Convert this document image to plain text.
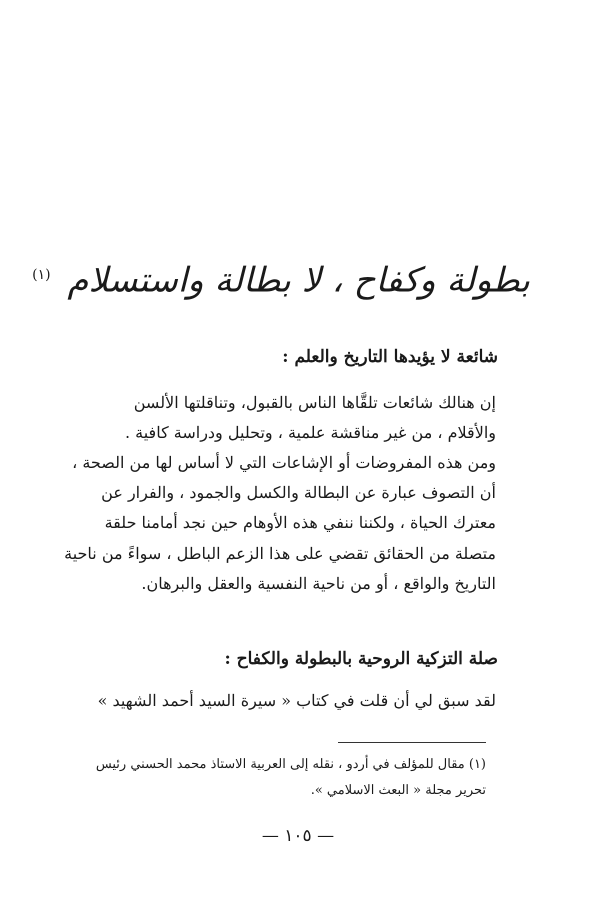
بطولة وكفاح ، لا بطالة واستسلام $^{(١)}$
شائعة لا يؤيدها التاريخ والعلم :

إن هنالك شائعات تلقَّاها الناس بالقبول، وتناقلتها الألسن
والأقلام ، من غير مناقشة علمية ، وتحليل ودراسة كافية .

ومن هذه المفروضات أو الإشاعات التي لا أساس لها من الصحة ،
أن التصوف عبارة عن البطالة والكسل والجمود ، والفرار عن
معترك الحياة ، ولكننا ننفي هذه الأوهام حين نجد أمامنا حلقة
متصلة من الحقائق تقضي على هذا الزعم الباطل ، سواءً من ناحية
التاريخ والواقع ، أو من ناحية النفسية والعقل والبرهان.

صلة التزكية الروحية بالبطولة والكفاح :

لقد سبق لي أن قلت في كتاب « سيرة السيد أحمد الشهيد »

(١) مقال للمؤلف في أردو ، نقله إلى العربية الاستاذ محمد الحسني رئيس
تحرير مجلة « البعث الاسلامي ».
— ١٠٥ —
